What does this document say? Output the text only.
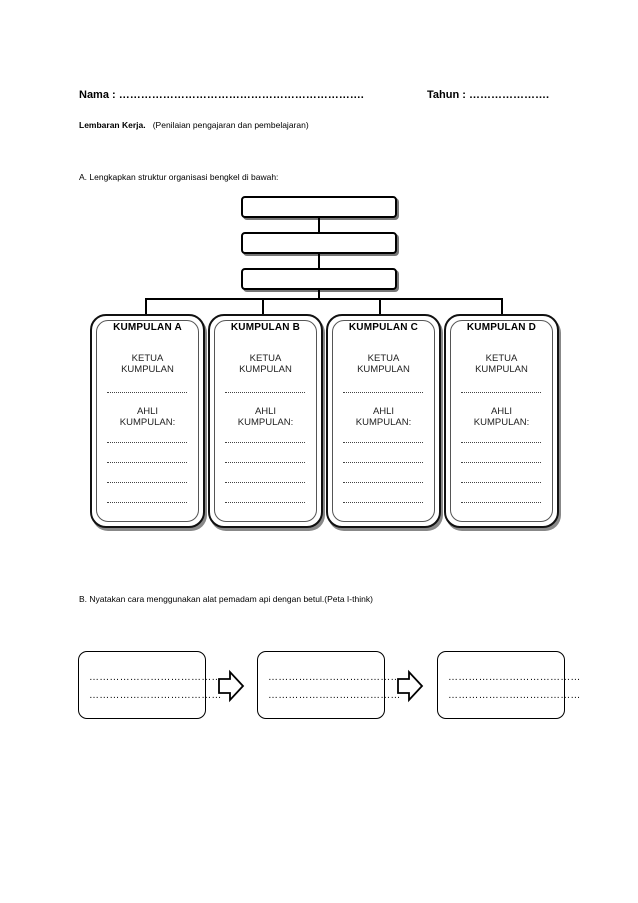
Nama : ………………………………………………………….	Tahun : ………………….
Lembaran Kerja. (Penilaian pengajaran dan pembelajaran)
A. Lengkapkan struktur organisasi bengkel di bawah:
KUMPULAN A
KETUA
KUMPULAN
AHLI
KUMPULAN:
KUMPULAN B
KETUA
KUMPULAN
AHLI
KUMPULAN:
KUMPULAN C
KETUA
KUMPULAN
AHLI
KUMPULAN:
KUMPULAN D
KETUA
KUMPULAN
AHLI
KUMPULAN:
B. Nyatakan cara menggunakan alat pemadam api dengan betul.(Peta I-think)
…………………………………
…………………………………
…………………………………
…………………………………
…………………………………
…………………………………
